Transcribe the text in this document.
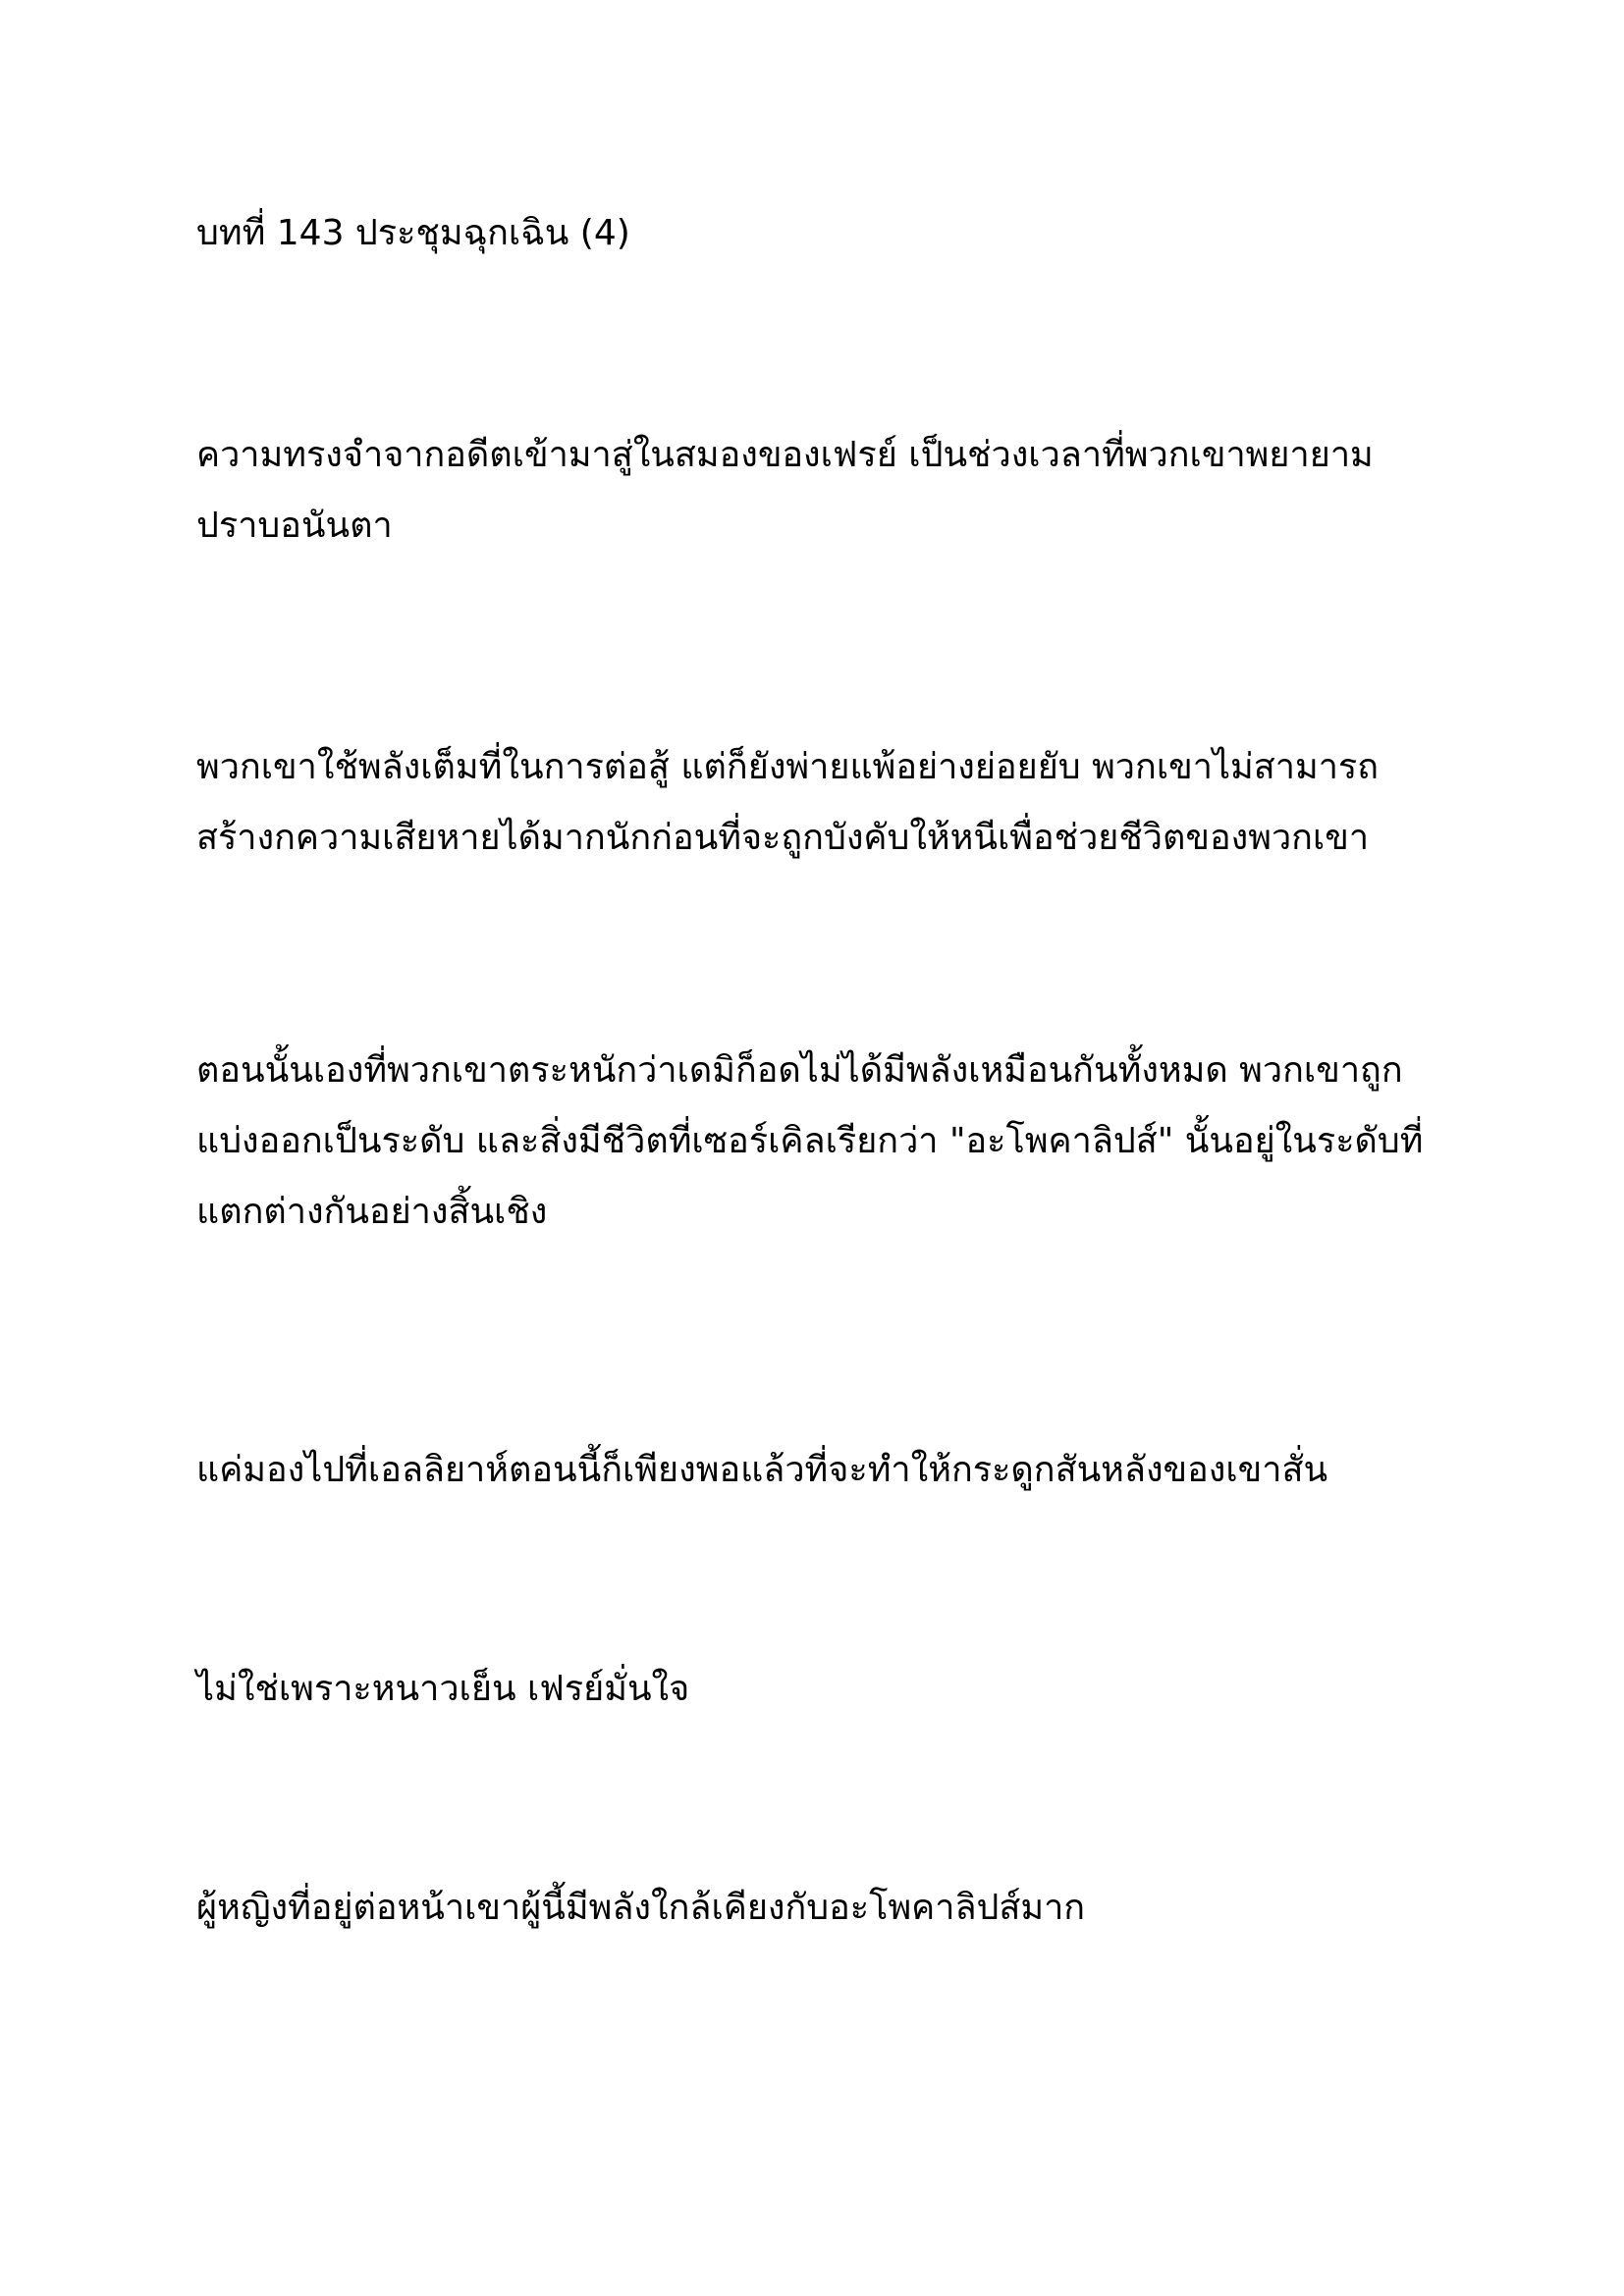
บทที่ 143 ประชุมฉุกเฉิน (4)
ความทรงจำจากอดีตเข้ามาสู่ในสมองของเฟรย์ เป็นช่วงเวลาที่พวกเขาพยายาม
ปราบอนันตา
พวกเขาใช้พลังเต็มที่ในการต่อสู้ แต่ก็ยังพ่ายแพ้อย่างย่อยยับ พวกเขาไม่สามารถ
สร้างกความเสียหายได้มากนักก่อนที่จะถูกบังคับให้หนีเพื่อช่วยชีวิตของพวกเขา
ตอนนั้นเองที่พวกเขาตระหนักว่าเดมิก็อดไม่ได้มีพลังเหมือนกันทั้งหมด พวกเขาถูก
แบ่งออกเป็นระดับ และสิ่งมีชีวิตที่เซอร์เคิลเรียกว่า "อะโพคาลิปส์" นั้นอยู่ในระดับที่
แตกต่างกันอย่างสิ้นเชิง
แค่มองไปที่เอลลิยาห์ตอนนี้ก็เพียงพอแล้วที่จะทำให้กระดูกสันหลังของเขาสั่น
ไม่ใช่เพราะหนาวเย็น เฟรย์มั่นใจ
ผู้หญิงที่อยู่ต่อหน้าเขาผู้นี้มีพลังใกล้เคียงกับอะโพคาลิปส์มาก
